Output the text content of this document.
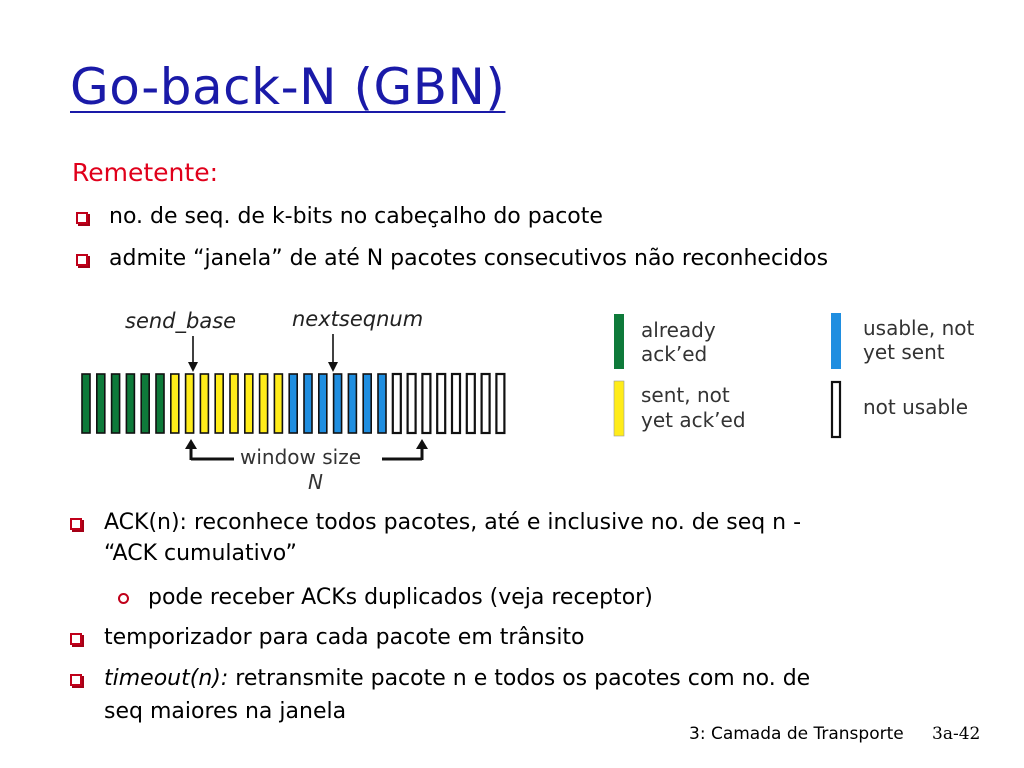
Go-back-N (GBN)
Remetente:
no. de seq. de k-bits no cabeçalho do pacote
admite “janela” de até N pacotes consecutivos não reconhecidos
send_base	nextseqnum
window size
N
already
ack’ed
sent, not
yet ack’ed
usable, not
yet sent
not usable
ACK(n): reconhece todos pacotes, até e inclusive no. de seq n -
“ACK cumulativo”
pode receber ACKs duplicados (veja receptor)
temporizador para cada pacote em trânsito
timeout(n): retransmite pacote n e todos os pacotes com no. de
seq maiores na janela
3: Camada de Transporte 3a-42
